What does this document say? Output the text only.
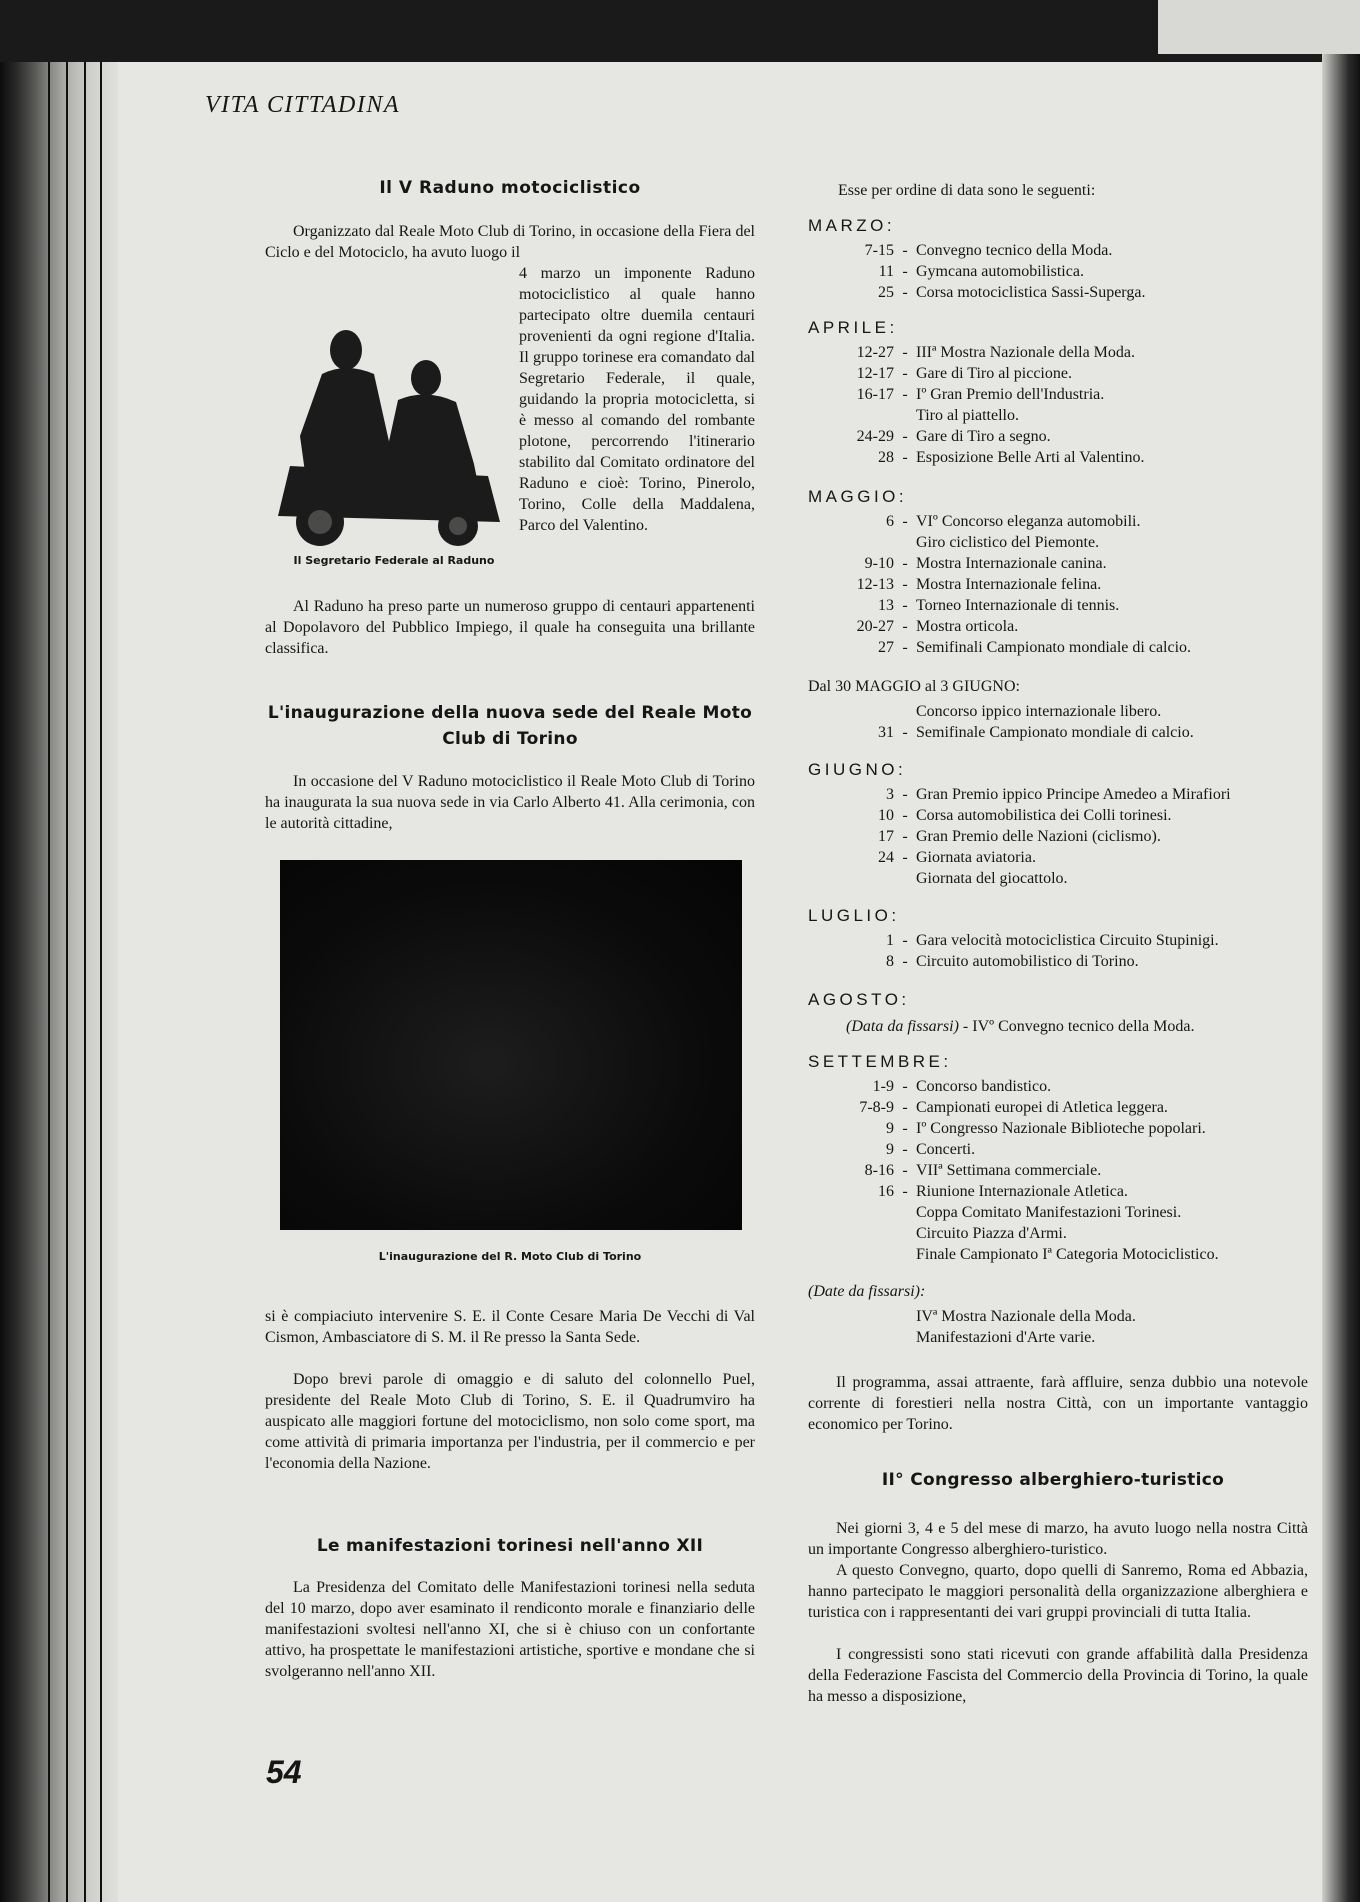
VITA CITTADINA

Il V Raduno motociclistico

Organizzato dal Reale Moto Club di Torino, in occasione della Fiera del Ciclo e del Motociclo, ha avuto luogo il

Il Segretario Federale al Raduno

4 marzo un imponente Raduno motociclistico al quale hanno partecipato oltre duemila centauri provenienti da ogni regione d'Italia. Il gruppo torinese era comandato dal Segretario Federale, il quale, guidando la propria motocicletta, si è messo al comando del rombante plotone, percorrendo l'itinerario stabilito dal Comitato ordinatore del Raduno e cioè: Torino, Pinerolo, Torino, Colle della Maddalena, Parco del Valentino.

Al Raduno ha preso parte un numeroso gruppo di centauri appartenenti al Dopolavoro del Pubblico Impiego, il quale ha conseguita una brillante classifica.

L'inaugurazione della nuova sede del Reale Moto Club di Torino

In occasione del V Raduno motociclistico il Reale Moto Club di Torino ha inaugurata la sua nuova sede in via Carlo Alberto 41. Alla cerimonia, con le autorità cittadine,

L'inaugurazione del R. Moto Club di Torino

si è compiaciuto intervenire S. E. il Conte Cesare Maria De Vecchi di Val Cismon, Ambasciatore di S. M. il Re presso la Santa Sede.

Dopo brevi parole di omaggio e di saluto del colonnello Puel, presidente del Reale Moto Club di Torino, S. E. il Quadrumviro ha auspicato alle maggiori fortune del motociclismo, non solo come sport, ma come attività di primaria importanza per l'industria, per il commercio e per l'economia della Nazione.

Le manifestazioni torinesi nell'anno XII

La Presidenza del Comitato delle Manifestazioni torinesi nella seduta del 10 marzo, dopo aver esaminato il rendiconto morale e finanziario delle manifestazioni svoltesi nell'anno XI, che si è chiuso con un confortante attivo, ha prospettate le manifestazioni artistiche, sportive e mondane che si svolgeranno nell'anno XII.

54

Esse per ordine di data sono le seguenti:

MARZO:

7-15 - Convegno tecnico della Moda.
11 - Gymcana automobilistica.
25 - Corsa motociclistica Sassi-Superga.

APRILE:

12-27 - IIIª Mostra Nazionale della Moda.
12-17 - Gare di Tiro al piccione.
16-17 - Iº Gran Premio dell'Industria.
Tiro al piattello.
24-29 - Gare di Tiro a segno.
28 - Esposizione Belle Arti al Valentino.

MAGGIO:

6 - VIº Concorso eleganza automobili.
Giro ciclistico del Piemonte.
9-10 - Mostra Internazionale canina.
12-13 - Mostra Internazionale felina.
13 - Torneo Internazionale di tennis.
20-27 - Mostra orticola.
27 - Semifinali Campionato mondiale di calcio.

Dal 30 MAGGIO al 3 GIUGNO:

Concorso ippico internazionale libero.
31 - Semifinale Campionato mondiale di calcio.

GIUGNO:

3 - Gran Premio ippico Principe Amedeo a Mirafiori
10 - Corsa automobilistica dei Colli torinesi.
17 - Gran Premio delle Nazioni (ciclismo).
24 - Giornata aviatoria.
Giornata del giocattolo.

LUGLIO:

1 - Gara velocità motociclistica Circuito Stupinigi.
8 - Circuito automobilistico di Torino.

AGOSTO:

(Data da fissarsi) - IVº Convegno tecnico della Moda.

SETTEMBRE:

1-9 - Concorso bandistico.
7-8-9 - Campionati europei di Atletica leggera.
9 - Iº Congresso Nazionale Biblioteche popolari.
9 - Concerti.
8-16 - VIIª Settimana commerciale.
16 - Riunione Internazionale Atletica.
Coppa Comitato Manifestazioni Torinesi.
Circuito Piazza d'Armi.
Finale Campionato Iª Categoria Motociclistico.

(Date da fissarsi):

IVª Mostra Nazionale della Moda.
Manifestazioni d'Arte varie.

Il programma, assai attraente, farà affluire, senza dubbio una notevole corrente di forestieri nella nostra Città, con un importante vantaggio economico per Torino.

II° Congresso alberghiero-turistico

Nei giorni 3, 4 e 5 del mese di marzo, ha avuto luogo nella nostra Città un importante Congresso alberghiero-turistico.

A questo Convegno, quarto, dopo quelli di Sanremo, Roma ed Abbazia, hanno partecipato le maggiori personalità della organizzazione alberghiera e turistica con i rappresentanti dei vari gruppi provinciali di tutta Italia.

I congressisti sono stati ricevuti con grande affabilità dalla Presidenza della Federazione Fascista del Commercio della Provincia di Torino, la quale ha messo a disposizione,
